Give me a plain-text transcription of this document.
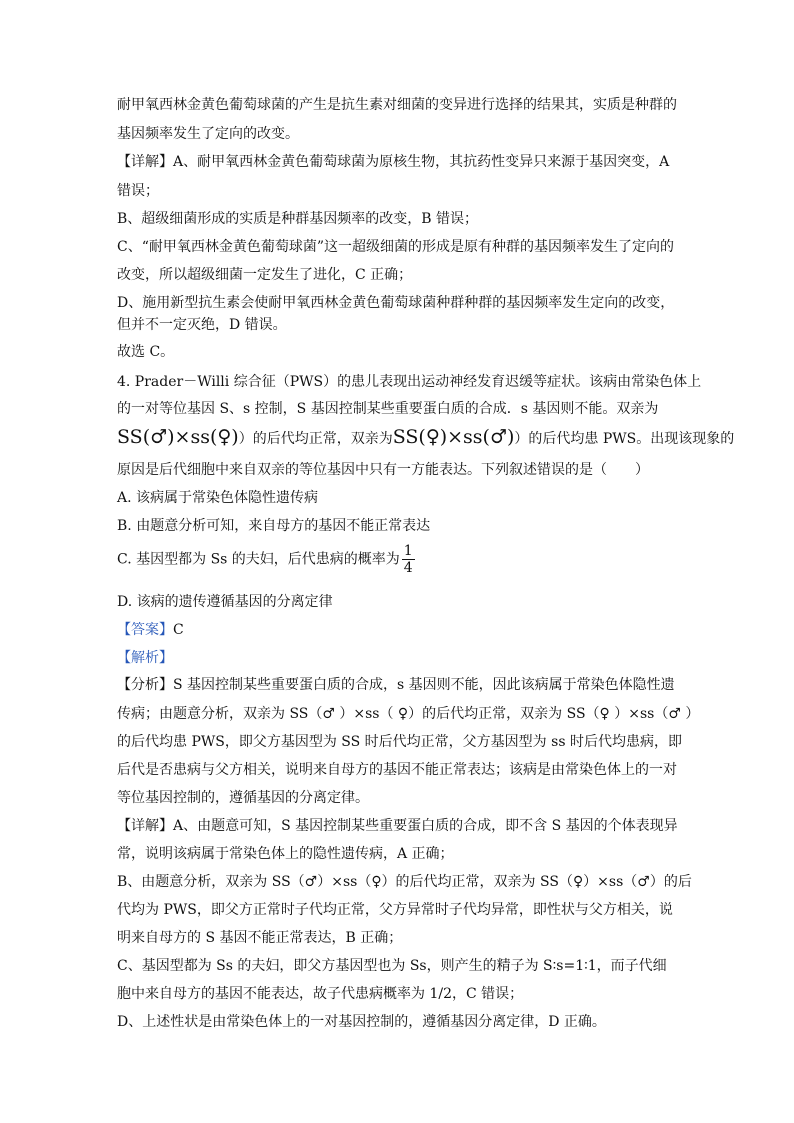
耐甲氧西林金黄色葡萄球菌的产生是抗生素对细菌的变异进行选择的结果其，实质是种群的
基因频率发生了定向的改变。
【详解】A、耐甲氧西林金黄色葡萄球菌为原核生物，其抗药性变异只来源于基因突变，A
错误；
B、超级细菌形成的实质是种群基因频率的改变，B 错误；
C、“耐甲氧西林金黄色葡萄球菌”这一超级细菌的形成是原有种群的基因频率发生了定向的
改变，所以超级细菌一定发生了进化，C 正确；
D、施用新型抗生素会使耐甲氧西林金黄色葡萄球菌种群种群的基因频率发生定向的改变，
但并不一定灭绝，D 错误。
故选 C。
4. Prader－Willi 综合征（PWS）的患儿表现出运动神经发育迟缓等症状。该病由常染色体上
的一对等位基因 S、s 控制，S 基因控制某些重要蛋白质的合成．s 基因则不能。双亲为
SS(♂)×ss(♀)）的后代均正常，双亲为SS(♀)×ss(♂)）的后代均患 PWS。出现该现象的
原因是后代细胞中来自双亲的等位基因中只有一方能表达。下列叙述错误的是（　　）
A. 该病属于常染色体隐性遗传病
B. 由题意分析可知，来自母方的基因不能正常表达
C. 基因型都为 Ss 的夫妇，后代患病的概率为 $\frac{1}{4}$
D. 该病的遗传遵循基因的分离定律
【答案】C
【解析】
【分析】S 基因控制某些重要蛋白质的合成，s 基因则不能，因此该病属于常染色体隐性遗
传病；由题意分析，双亲为 SS（♂ ）×ss（ ♀）的后代均正常，双亲为 SS（♀ ）×ss（♂ ）
的后代均患 PWS，即父方基因型为 SS 时后代均正常，父方基因型为 ss 时后代均患病，即
后代是否患病与父方相关，说明来自母方的基因不能正常表达；该病是由常染色体上的一对
等位基因控制的，遵循基因的分离定律。
【详解】A、由题意可知，S 基因控制某些重要蛋白质的合成，即不含 S 基因的个体表现异
常，说明该病属于常染色体上的隐性遗传病，A 正确；
B、由题意分析，双亲为 SS（♂）×ss（♀）的后代均正常，双亲为 SS（♀）×ss（♂）的后
代均为 PWS，即父方正常时子代均正常，父方异常时子代均异常，即性状与父方相关，说
明来自母方的 S 基因不能正常表达，B 正确；
C、基因型都为 Ss 的夫妇，即父方基因型也为 Ss，则产生的精子为 S∶s=1∶1，而子代细
胞中来自母方的基因不能表达，故子代患病概率为 1/2，C 错误；
D、上述性状是由常染色体上的一对基因控制的，遵循基因分离定律，D 正确。
